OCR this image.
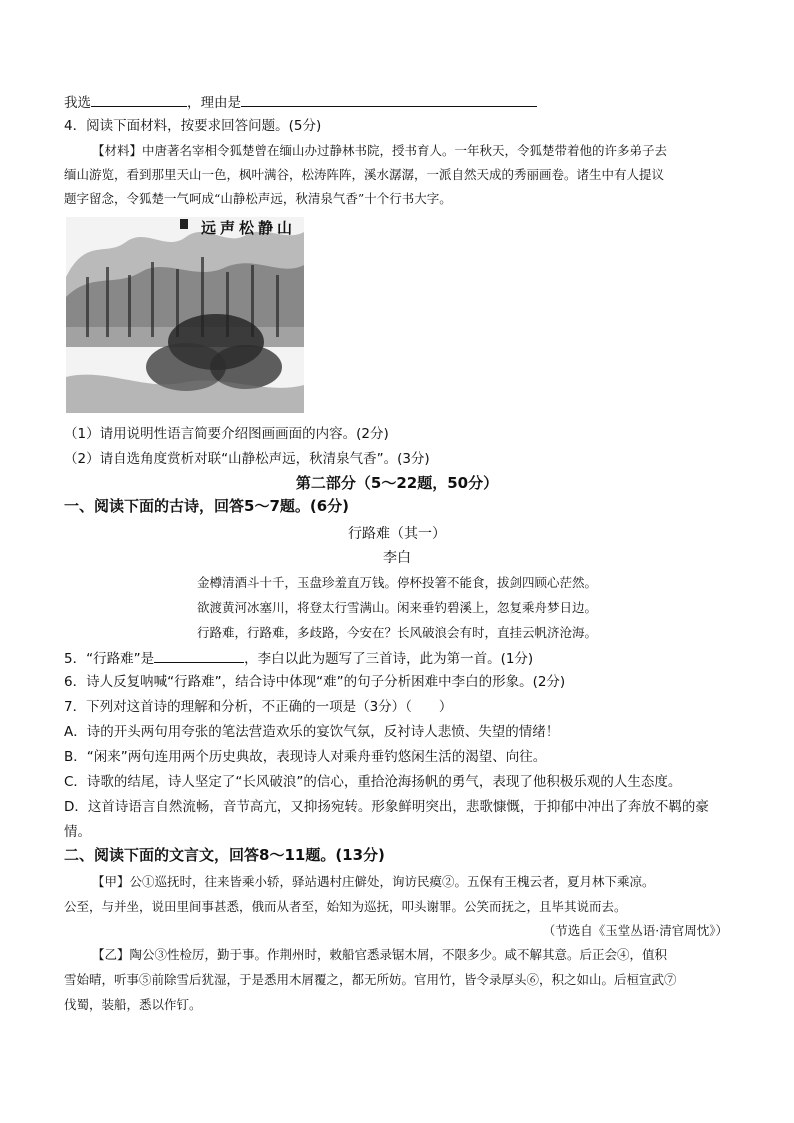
我选	，理由是
4．阅读下面材料，按要求回答问题。(5分)
【材料】中唐著名宰相令狐楚曾在缅山办过静林书院，授书育人。一年秋天，令狐楚带着他的许多弟子去
缅山游览，看到那里天山一色，枫叶满谷，松涛阵阵，溪水潺潺，一派自然天成的秀丽画卷。诸生中有人提议
题字留念，令狐楚一气呵成“山静松声远，秋清泉气香”十个行书大字。
山静松声远
（1）请用说明性语言简要介绍图画画面的内容。(2分)
（2）请自选角度赏析对联“山静松声远，秋清泉气香”。(3分)
第二部分（5～22题，50分）
一、阅读下面的古诗，回答5～7题。(6分)
行路难（其一）
李白
金樽清酒斗十千，玉盘珍羞直万钱。停杯投箸不能食，拔剑四顾心茫然。
欲渡黄河冰塞川，将登太行雪满山。闲来垂钓碧溪上，忽复乘舟梦日边。
行路难，行路难，多歧路，今安在？长风破浪会有时，直挂云帆济沧海。
5．“行路难”是	，李白以此为题写了三首诗，此为第一首。(1分)
6．诗人反复呐喊“行路难”，结合诗中体现“难”的句子分析困难中李白的形象。(2分)
7．下列对这首诗的理解和分析，不正确的一项是（3分）（　　）
A．诗的开头两句用夸张的笔法营造欢乐的宴饮气氛，反衬诗人悲愤、失望的情绪！
B．“闲来”两句连用两个历史典故，表现诗人对乘舟垂钓悠闲生活的渴望、向往。
C．诗歌的结尾，诗人坚定了“长风破浪”的信心，重拾沧海扬帆的勇气，表现了他积极乐观的人生态度。
D．这首诗语言自然流畅，音节高亢，又抑扬宛转。形象鲜明突出，悲歌慷慨，于抑郁中冲出了奔放不羁的豪
情。
二、阅读下面的文言文，回答8～11题。(13分)
【甲】公①巡抚时，往来皆乘小轿，驿站遇村庄僻处，询访民瘼②。五保有王槐云者，夏月林下乘凉。
公至，与并坐，说田里间事甚悉，俄而从者至，始知为巡抚，叩头谢罪。公笑而抚之，且毕其说而去。
（节选自《玉堂丛语·清官周忱》）
【乙】陶公③性检厉，勤于事。作荆州时，敕船官悉录锯木屑，不限多少。咸不解其意。后正会④，值积
雪始晴，听事⑤前除雪后犹湿，于是悉用木屑覆之，都无所妨。官用竹，皆令录厚头⑥，积之如山。后桓宣武⑦
伐蜀，装船，悉以作钉。
